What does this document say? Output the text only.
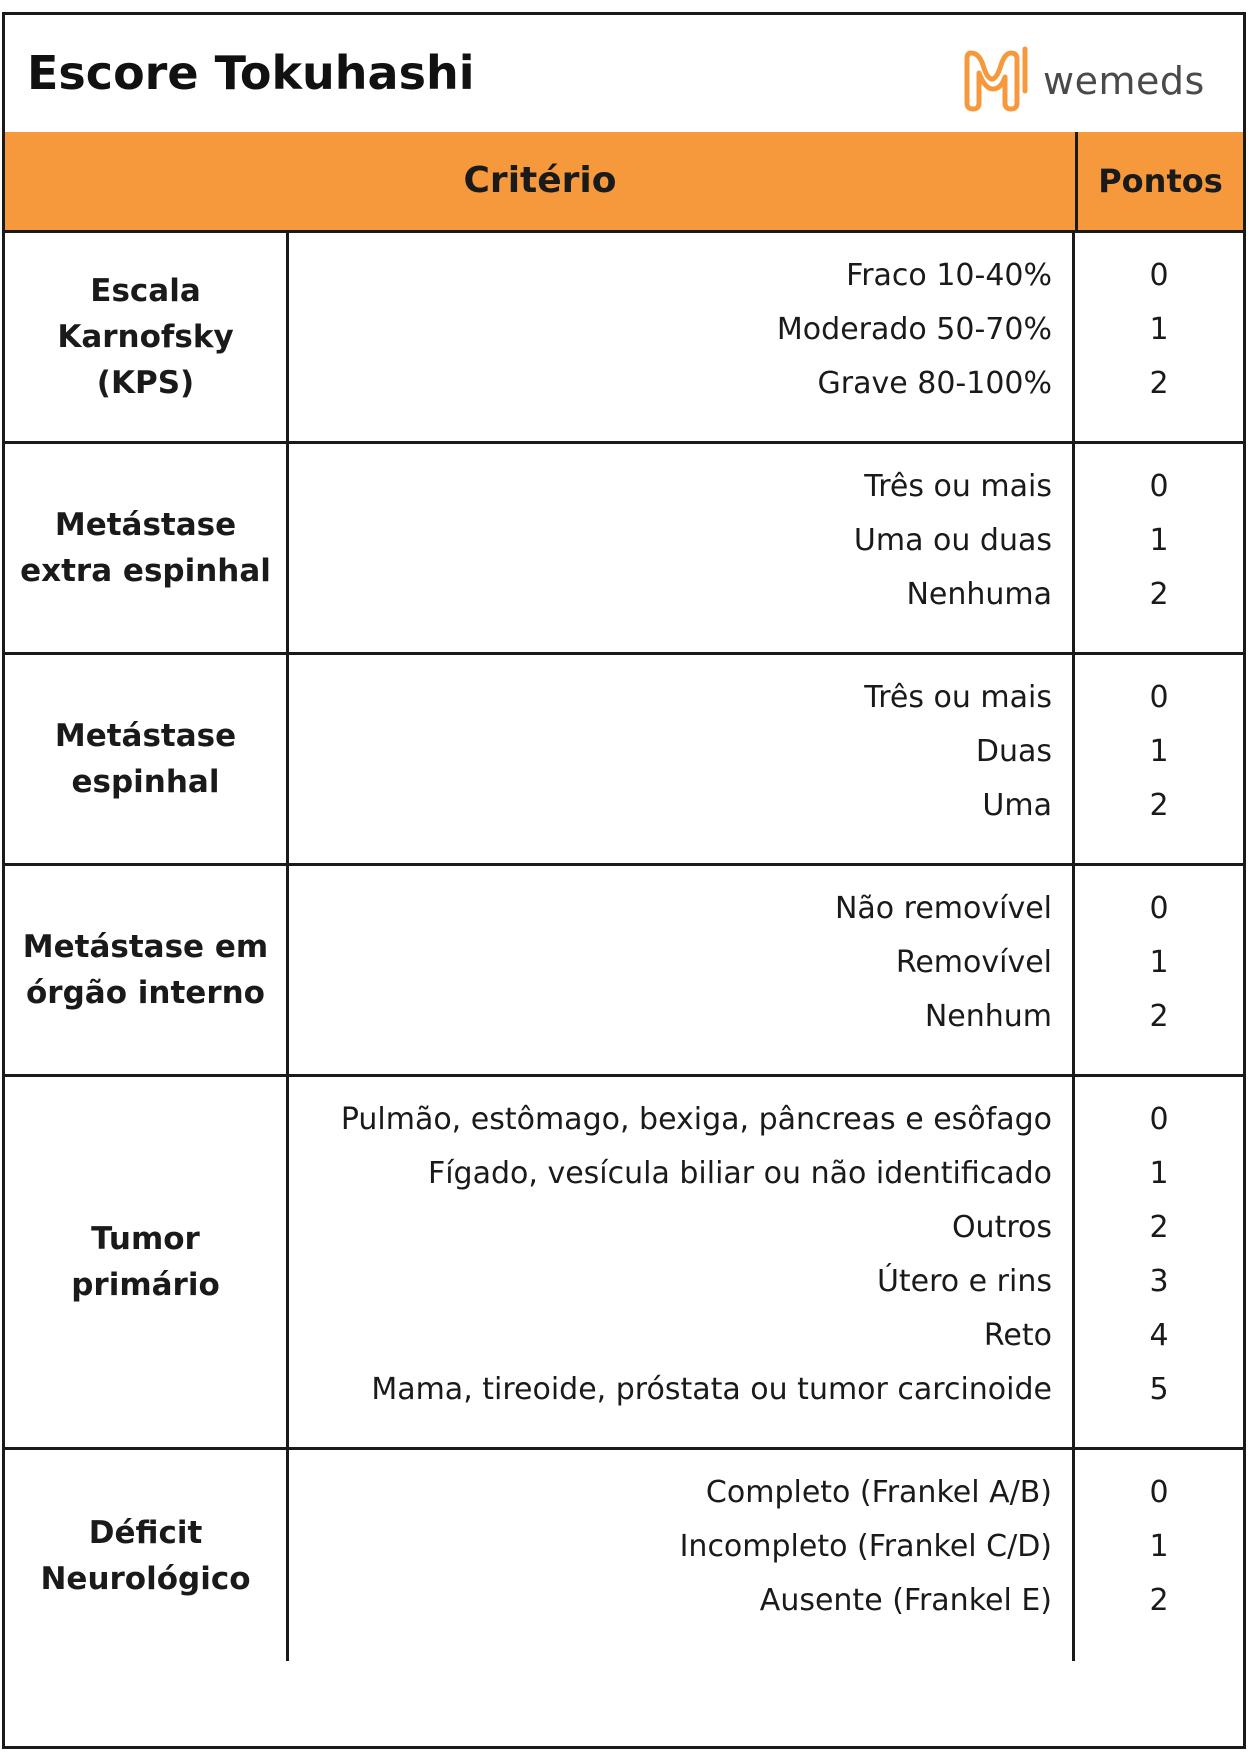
Escore Tokuhashi	wemeds
Critério	Pontos
Escala Karnofsky (KPS)
Fraco 10-40%
Moderado 50-70%
Grave 80-100%
0
1
2
Metástase extra espinhal
Três ou mais
Uma ou duas
Nenhuma
0
1
2
Metástase espinhal
Três ou mais
Duas
Uma
0
1
2
Metástase em órgão interno
Não removível
Removível
Nenhum
0
1
2
Tumor primário
Pulmão, estômago, bexiga, pâncreas e esôfago
Fígado, vesícula biliar ou não identificado
Outros
Útero e rins
Reto
Mama, tireoide, próstata ou tumor carcinoide
0
1
2
3
4
5
Déficit Neurológico
Completo (Frankel A/B)
Incompleto (Frankel C/D)
Ausente (Frankel E)
0
1
2
